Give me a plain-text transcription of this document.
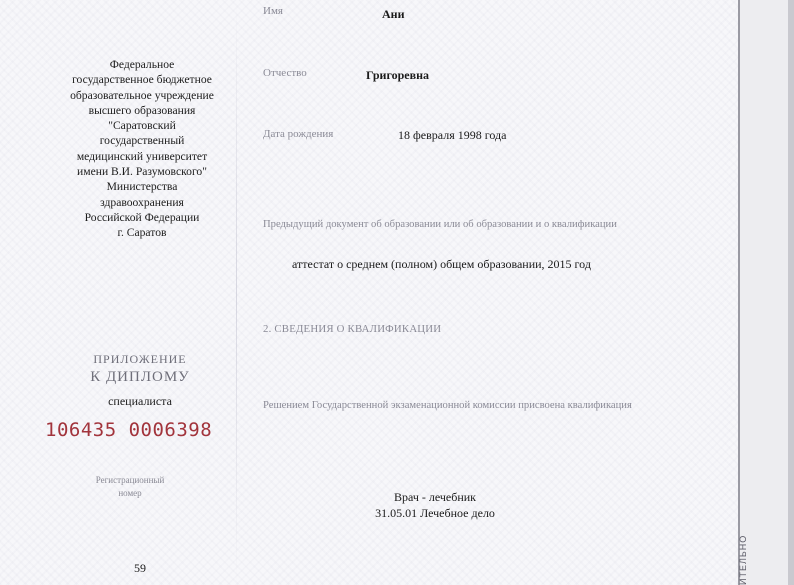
ИТЕЛЬНО
Федеральное
государственное бюджетное
образовательное учреждение
высшего образования
"Саратовский
государственный
медицинский университет
имени В.И. Разумовского"
Министерства
здравоохранения
Российской Федерации
г. Саратов
ПРИЛОЖЕНИЕ
К ДИПЛОМУ
специалиста
106435 0006398
Регистрационный
номер
59
Имя	Ани
Отчество	Григоревна
Дата рождения	18 февраля 1998 года
Предыдущий документ об образовании или об образовании и о квалификации
аттестат о среднем (полном) общем образовании, 2015 год
2. СВЕДЕНИЯ О КВАЛИФИКАЦИИ
Решением Государственной экзаменационной комиссии присвоена квалификация
Врач - лечебник
31.05.01 Лечебное дело
